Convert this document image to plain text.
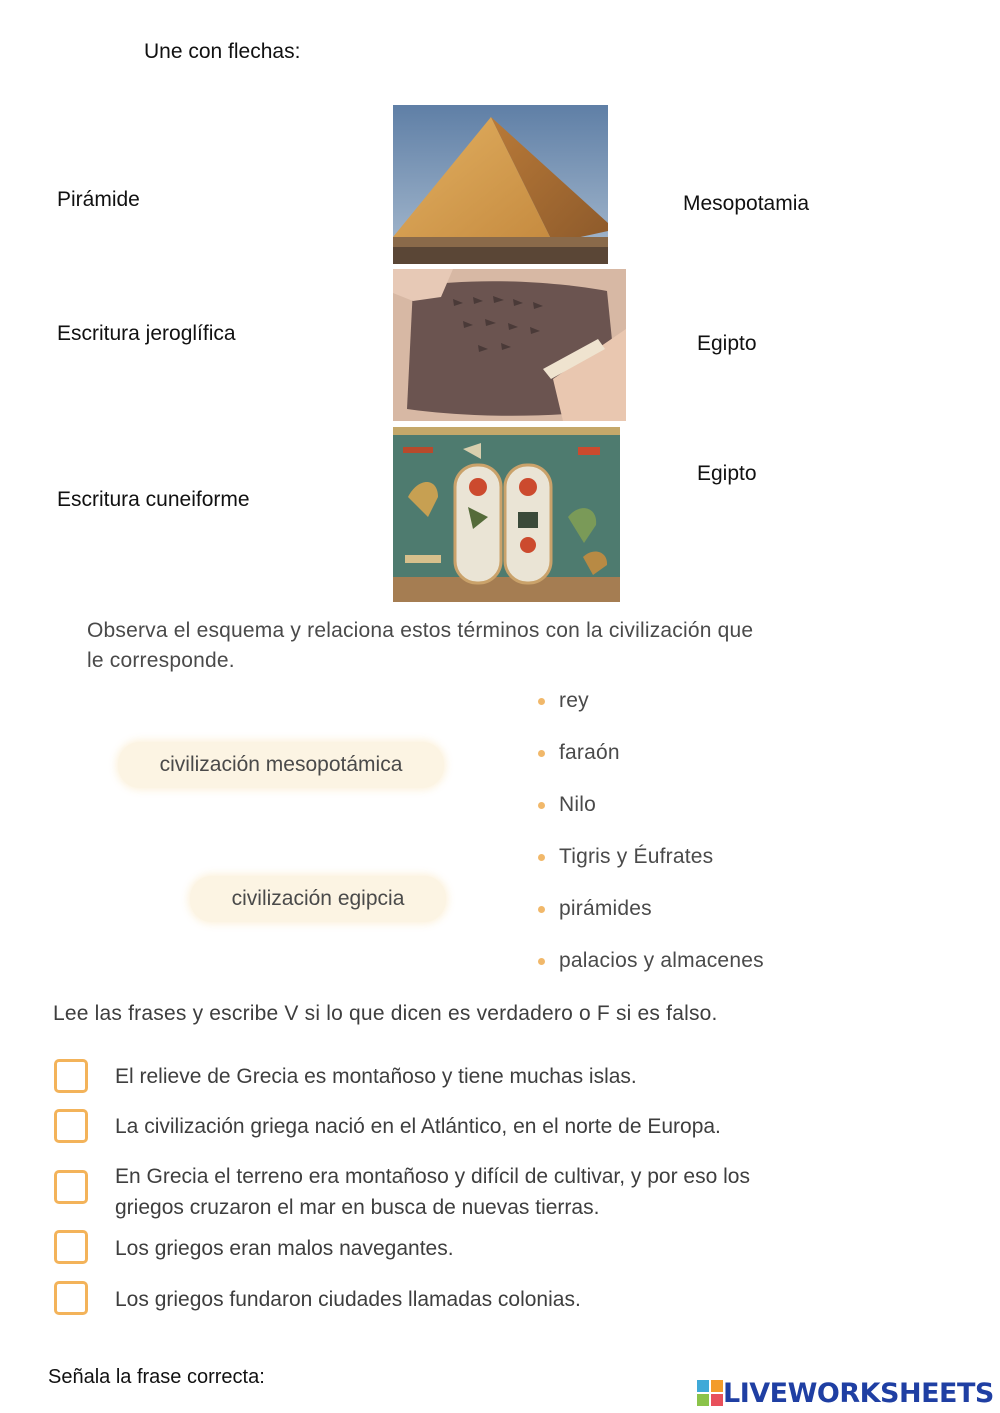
Une con flechas:
Pirámide
Escritura jeroglífica
Escritura cuneiforme
Mesopotamia
Egipto
Egipto
Observa el esquema y relaciona estos términos con la civilización que
le corresponde.
civilización mesopotámica
civilización egipcia
rey
faraón
Nilo
Tigris y Éufrates
pirámides
palacios y almacenes
Lee las frases y escribe V si lo que dicen es verdadero o F si es falso.
El relieve de Grecia es montañoso y tiene muchas islas.
La civilización griega nació en el Atlántico, en el norte de Europa.
En Grecia el terreno era montañoso y difícil de cultivar, y por eso los
griegos cruzaron el mar en busca de nuevas tierras.
Los griegos eran malos navegantes.
Los griegos fundaron ciudades llamadas colonias.
Señala la frase correcta:
LIVEWORKSHEETS
